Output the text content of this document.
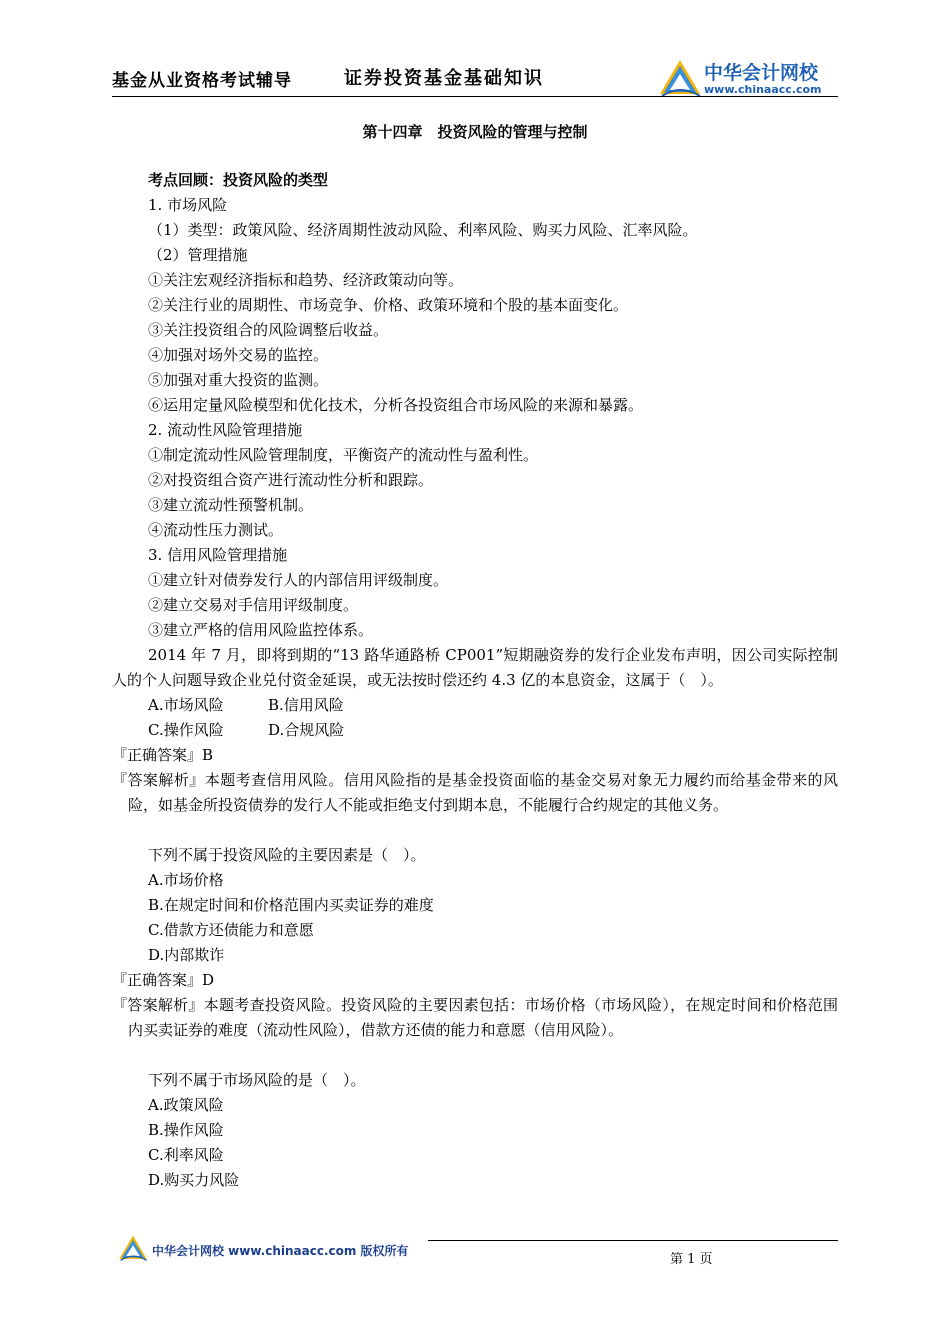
基金从业资格考试辅导	证券投资基金基础知识	中华会计网校
www.chinaacc.com
第十四章　投资风险的管理与控制
考点回顾：投资风险的类型
1. 市场风险
（1）类型：政策风险、经济周期性波动风险、利率风险、购买力风险、汇率风险。
（2）管理措施
①关注宏观经济指标和趋势、经济政策动向等。
②关注行业的周期性、市场竞争、价格、政策环境和个股的基本面变化。
③关注投资组合的风险调整后收益。
④加强对场外交易的监控。
⑤加强对重大投资的监测。
⑥运用定量风险模型和优化技术，分析各投资组合市场风险的来源和暴露。
2. 流动性风险管理措施
①制定流动性风险管理制度，平衡资产的流动性与盈利性。
②对投资组合资产进行流动性分析和跟踪。
③建立流动性预警机制。
④流动性压力测试。
3. 信用风险管理措施
①建立针对债券发行人的内部信用评级制度。
②建立交易对手信用评级制度。
③建立严格的信用风险监控体系。
2014 年 7 月，即将到期的“13 路华通路桥 CP001”短期融资券的发行企业发布声明，因公司实际控制人的个人问题导致企业兑付资金延误，或无法按时偿还约 4.3 亿的本息资金，这属于（　）。
A.市场风险	B.信用风险
C.操作风险	D.合规风险
『正确答案』B
『答案解析』本题考查信用风险。信用风险指的是基金投资面临的基金交易对象无力履约而给基金带来的风险，如基金所投资债券的发行人不能或拒绝支付到期本息，不能履行合约规定的其他义务。
下列不属于投资风险的主要因素是（　）。
A.市场价格
B.在规定时间和价格范围内买卖证券的难度
C.借款方还债能力和意愿
D.内部欺诈
『正确答案』D
『答案解析』本题考查投资风险。投资风险的主要因素包括：市场价格（市场风险），在规定时间和价格范围内买卖证券的难度（流动性风险），借款方还债的能力和意愿（信用风险）。
下列不属于市场风险的是（　）。
A.政策风险
B.操作风险
C.利率风险
D.购买力风险
中华会计网校 www.chinaacc.com 版权所有
第 1 页
